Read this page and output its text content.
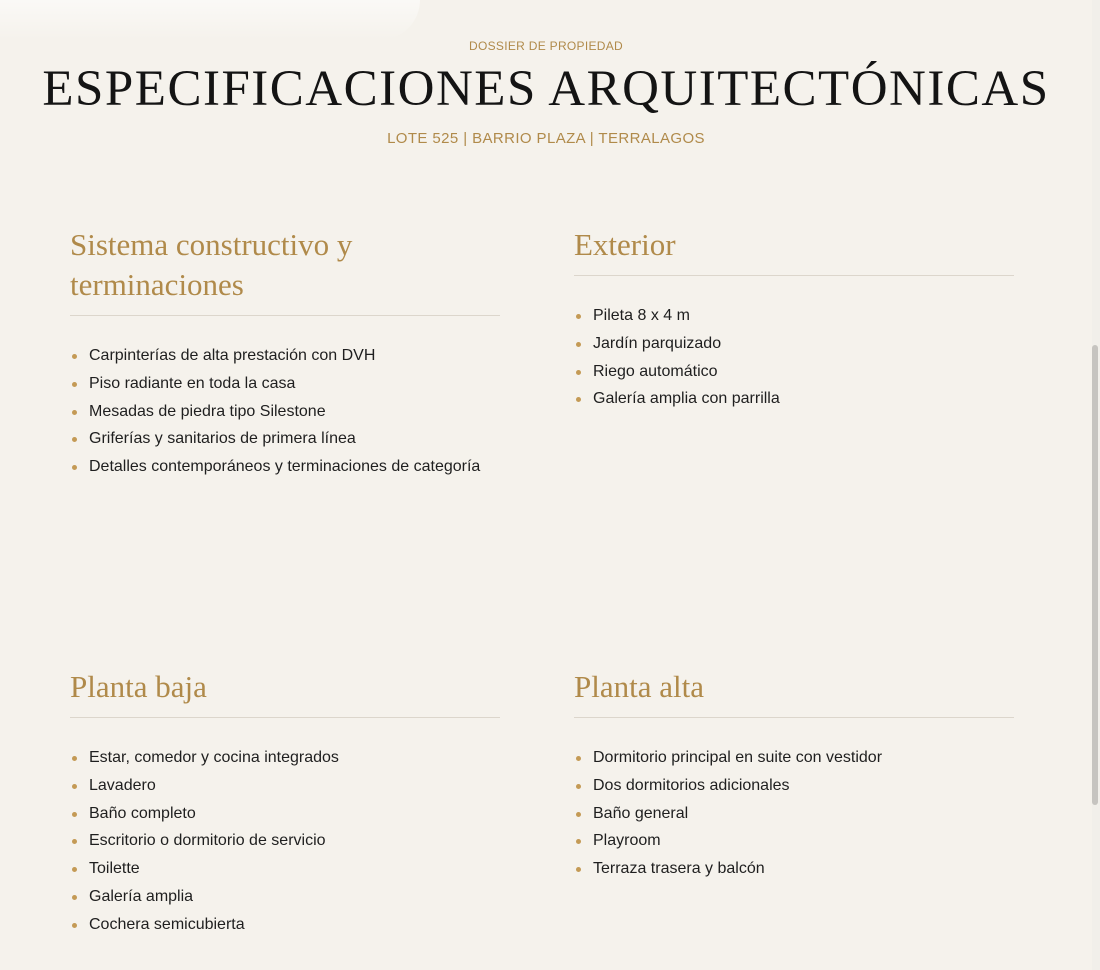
DOSSIER DE PROPIEDAD
ESPECIFICACIONES ARQUITECTÓNICAS
LOTE 525 | BARRIO PLAZA | TERRALAGOS
Sistema constructivo y terminaciones
Carpinterías de alta prestación con DVH
Piso radiante en toda la casa
Mesadas de piedra tipo Silestone
Griferías y sanitarios de primera línea
Detalles contemporáneos y terminaciones de categoría
Exterior
Pileta 8 x 4 m
Jardín parquizado
Riego automático
Galería amplia con parrilla
Planta baja
Estar, comedor y cocina integrados
Lavadero
Baño completo
Escritorio o dormitorio de servicio
Toilette
Galería amplia
Cochera semicubierta
Planta alta
Dormitorio principal en suite con vestidor
Dos dormitorios adicionales
Baño general
Playroom
Terraza trasera y balcón
